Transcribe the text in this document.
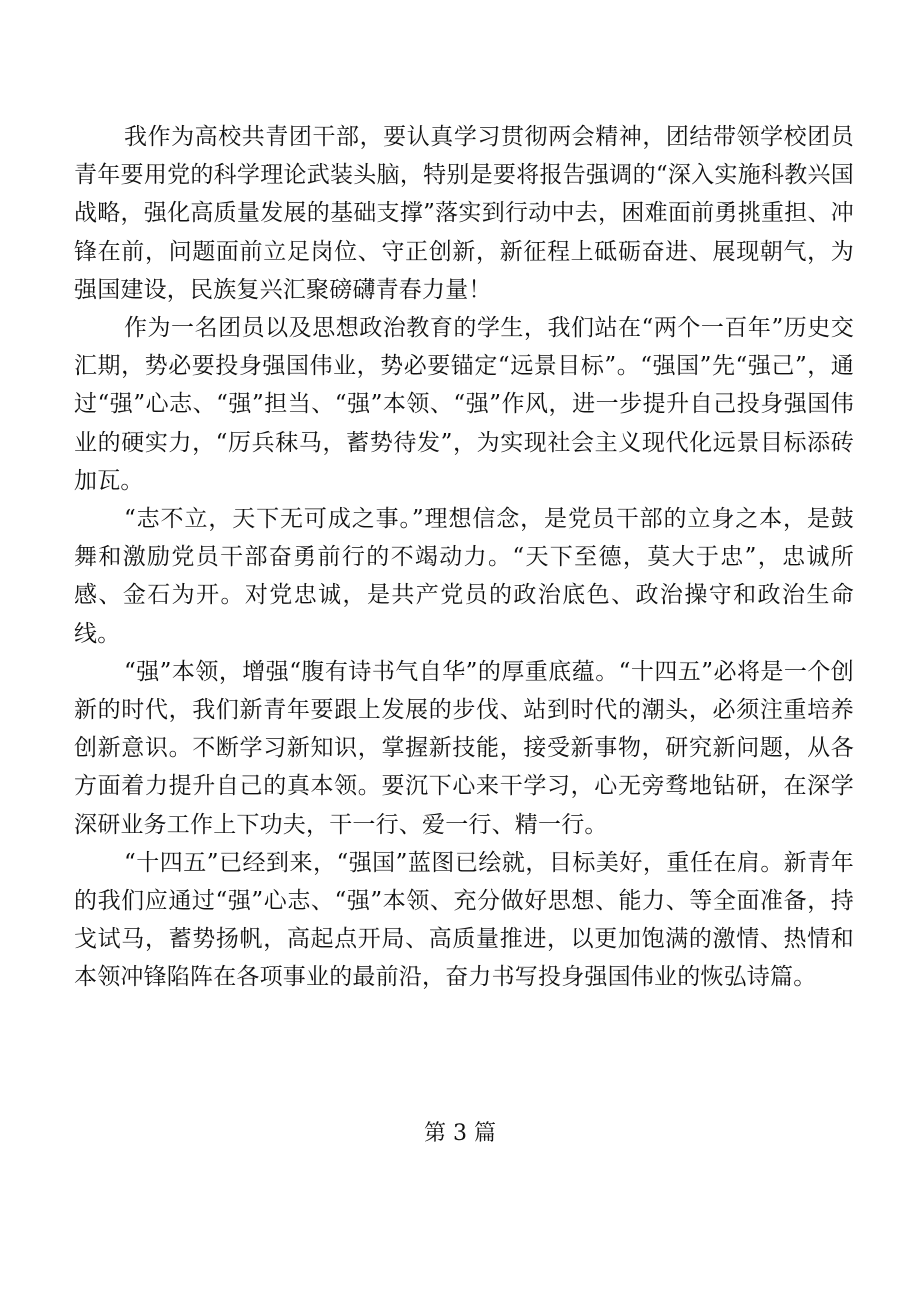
我作为高校共青团干部，要认真学习贯彻两会精神，团结带领学校团员青年要用党的科学理论武装头脑，特别是要将报告强调的“深入实施科教兴国战略，强化高质量发展的基础支撑”落实到行动中去，困难面前勇挑重担、冲锋在前，问题面前立足岗位、守正创新，新征程上砥砺奋进、展现朝气，为强国建设，民族复兴汇聚磅礴青春力量！

作为一名团员以及思想政治教育的学生，我们站在“两个一百年”历史交汇期，势必要投身强国伟业，势必要锚定“远景目标”。“强国”先“强己”，通过“强”心志、“强”担当、“强”本领、“强”作风，进一步提升自己投身强国伟业的硬实力，“厉兵秣马，蓄势待发”，为实现社会主义现代化远景目标添砖加瓦。

“志不立，天下无可成之事。”理想信念，是党员干部的立身之本，是鼓舞和激励党员干部奋勇前行的不竭动力。“天下至德，莫大于忠”，忠诚所感、金石为开。对党忠诚，是共产党员的政治底色、政治操守和政治生命线。

“强”本领，增强“腹有诗书气自华”的厚重底蕴。“十四五”必将是一个创新的时代，我们新青年要跟上发展的步伐、站到时代的潮头，必须注重培养创新意识。不断学习新知识，掌握新技能，接受新事物，研究新问题，从各方面着力提升自己的真本领。要沉下心来干学习，心无旁骛地钻研，在深学深研业务工作上下功夫，干一行、爱一行、精一行。

“十四五”已经到来，“强国”蓝图已绘就，目标美好，重任在肩。新青年的我们应通过“强”心志、“强”本领、充分做好思想、能力、等全面准备，持戈试马，蓄势扬帆，高起点开局、高质量推进，以更加饱满的激情、热情和本领冲锋陷阵在各项事业的最前沿，奋力书写投身强国伟业的恢弘诗篇。

第 3 篇
